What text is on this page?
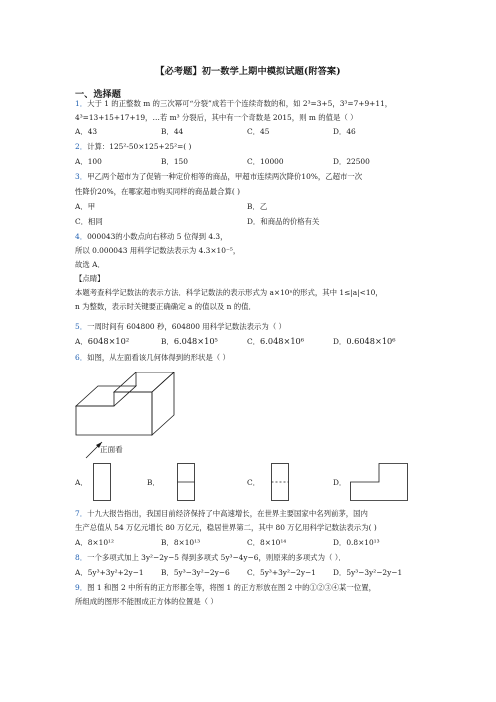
【必考题】初一数学上期中模拟试题(附答案)
一、选择题
1．大于 1 的正整数 m 的三次幂可“分裂”成若干个连续奇数的和，如 2³=3+5，3³=7+9+11，
4³=13+15+17+19，…若 m³ 分裂后，其中有一个奇数是 2015，则 m 的值是（ ）
A．43	B．44	C．45	D．46
2．计算：125²-50×125+25²=( )
A．100	B．150	C．10000	D．22500
3．甲乙两个超市为了促销一种定价相等的商品，甲超市连续两次降价10%，乙超市一次
性降价20%，在哪家超市购买同样的商品最合算( )
A．甲	B．乙
C．相同	D．和商品的价格有关
4．000043的小数点向右移动 5 位得到 4.3，
所以 0.000043 用科学记数法表示为 4.3×10⁻⁵，
故选 A．
【点睛】
本题考查科学记数法的表示方法．科学记数法的表示形式为 a×10ⁿ的形式，其中 1≤|a|<10，
n 为整数，表示时关键要正确确定 a 的值以及 n 的值．
5．一周时间有 604800 秒，604800 用科学记数法表示为（ ）
A．6048×10²	B．6.048×10⁵	C．6.048×10⁶	D．0.6048×10⁶
6．如图，从左面看该几何体得到的形状是（ ）
正面看
A．	B．	C．	D．
7．十九大报告指出，我国目前经济保持了中高速增长，在世界主要国家中名列前茅，国内
生产总值从 54 万亿元增长 80 万亿元，稳居世界第二，其中 80 万亿用科学记数法表示为( )
A．8×10¹²	B．8×10¹³	C．8×10¹⁴	D．0.8×10¹³
8．一个多项式加上 3y²−2y−5 得到多项式 5y³−4y−6，则原来的多项式为（ ）．
A．5y³+3y²+2y−1 B．5y³−3y²−2y−6 C．5y³+3y²−2y−1 D．5y³−3y²−2y−1
9．图 1 和图 2 中所有的正方形都全等，将图 1 的正方形放在图 2 中的①②③④某一位置，
所组成的图形不能围成正方体的位置是（ ）
